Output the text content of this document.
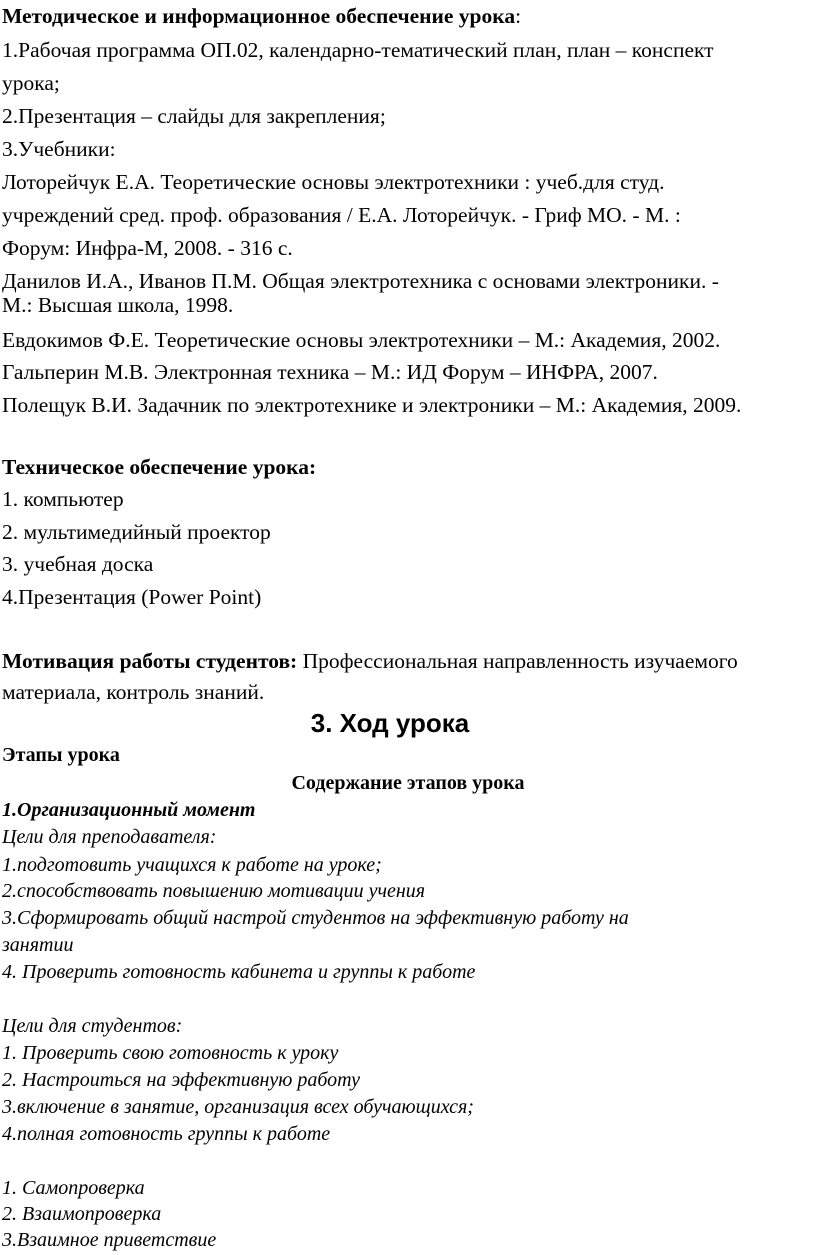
Методическое и информационное обеспечение урока:
1.Рабочая программа ОП.02, календарно-тематический план, план – конспект
урока;
2.Презентация – слайды для закрепления;
3.Учебники:
Лоторейчук Е.А. Теоретические основы электротехники : учеб.для студ.
учреждений сред. проф. образования / Е.А. Лоторейчук. - Гриф МО. - М. :
Форум: Инфра-М, 2008. - 316 с.
Данилов И.А., Иванов П.М. Общая электротехника с основами электроники. -
М.: Высшая школа, 1998.
Евдокимов Ф.Е. Теоретические основы электротехники – М.: Академия, 2002.
Гальперин М.В. Электронная техника – М.: ИД Форум – ИНФРА, 2007.
Полещук В.И. Задачник по электротехнике и электроники – М.: Академия, 2009.
Техническое обеспечение урока:
1. компьютер
2. мультимедийный проектор
3. учебная доска
4.Презентация (Power Point)
Мотивация работы студентов: Профессиональная направленность изучаемого
материала, контроль знаний.
3. Ход урока
Этапы урока
Содержание этапов урока
1.Организационный момент
Цели для преподавателя:
1.подготовить учащихся к работе на уроке;
2.способствовать повышению мотивации учения
3.Сформировать общий настрой студентов на эффективную работу на
занятии
4. Проверить готовность кабинета и группы к работе
Цели для студентов:
1. Проверить свою готовность к уроку
2. Настроиться на эффективную работу
3.включение в занятие, организация всех обучающихся;
4.полная готовность группы к работе
1. Самопроверка
2. Взаимопроверка
3.Взаимное приветствие
